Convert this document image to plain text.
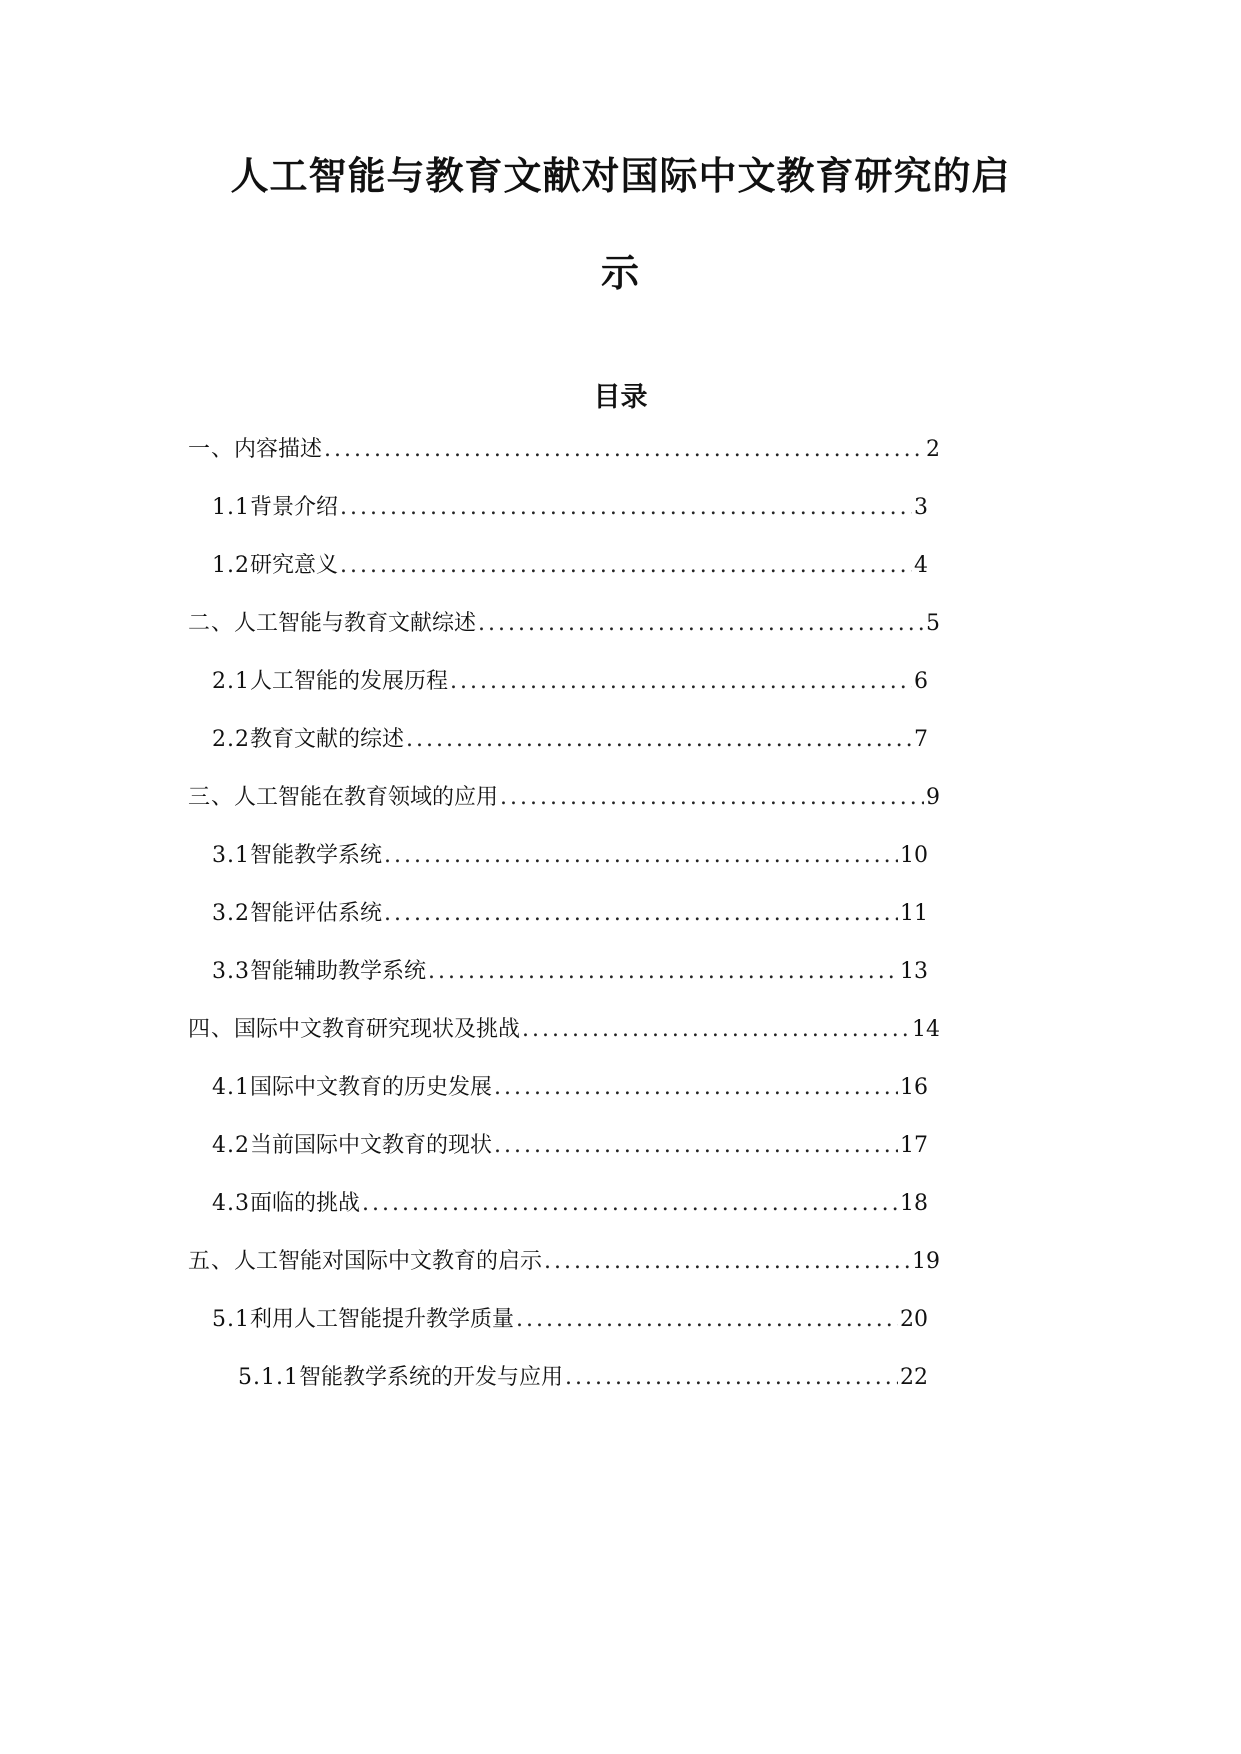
人工智能与教育文献对国际中文教育研究的启
示
目录
一、 内容描述 .....	2
1.1 背景介绍 .....	3
1.2 研究意义 .....	4
二、 人工智能与教育文献综述 .....	5
2.1 人工智能的发展历程 .....	6
2.2 教育文献的综述 .....	7
三、 人工智能在教育领域的应用 .....	9
3.1 智能教学系统 .....	10
3.2 智能评估系统 .....	11
3.3 智能辅助教学系统 .....	13
四、 国际中文教育研究现状及挑战 .....	14
4.1 国际中文教育的历史发展 .....	16
4.2 当前国际中文教育的现状 .....	17
4.3 面临的挑战 .....	18
五、 人工智能对国际中文教育的启示 .....	19
5.1 利用人工智能提升教学质量 .....	20
5.1.1 智能教学系统的开发与应用 .....	22
